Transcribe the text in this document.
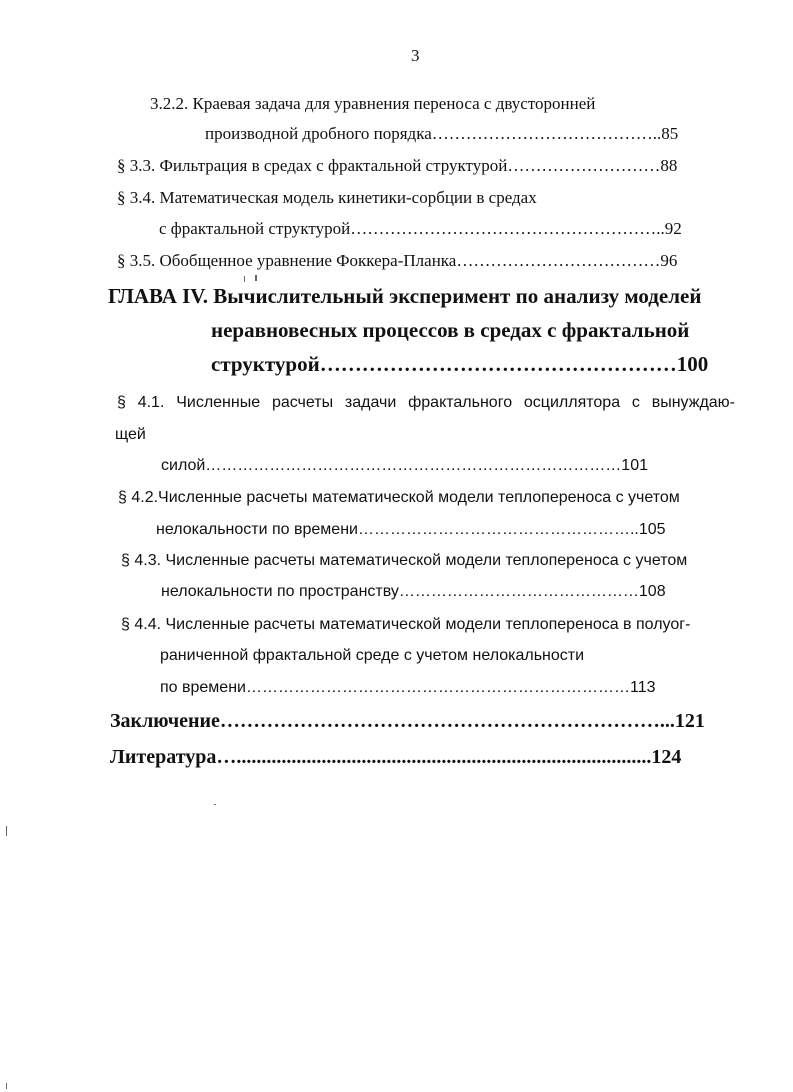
3
3.2.2. Краевая задача для уравнения переноса с двусторонней
производной дробного порядка…………………………………..85
§ 3.3. Фильтрация в средах с фрактальной структурой………………………88
§ 3.4. Математическая модель кинетики-сорбции в средах
с фрактальной структурой………………………………………………..92
§ 3.5. Обобщенное уравнение Фоккера-Планка………………………………96
ГЛАВА IV. Вычислительный эксперимент по анализу моделей
неравновесных процессов в средах с фрактальной
структурой……………………………………………100
§ 4.1. Численные расчеты задачи фрактального осциллятора с вынуждаю-
щей
силой……………………………………………………………………101
§ 4.2.Численные расчеты математической модели теплопереноса с учетом
нелокальности по времени……………………………………………..105
§ 4.3. Численные расчеты математической модели теплопереноса с учетом
нелокальности по пространству………………………………………108
§ 4.4. Численные расчеты математической модели теплопереноса в полуог-
раниченной фрактальной среде с учетом нелокальности
по времени………………………………………………………………113
Заключение…………………………………………………………...121
Литература…...................................................................................124
